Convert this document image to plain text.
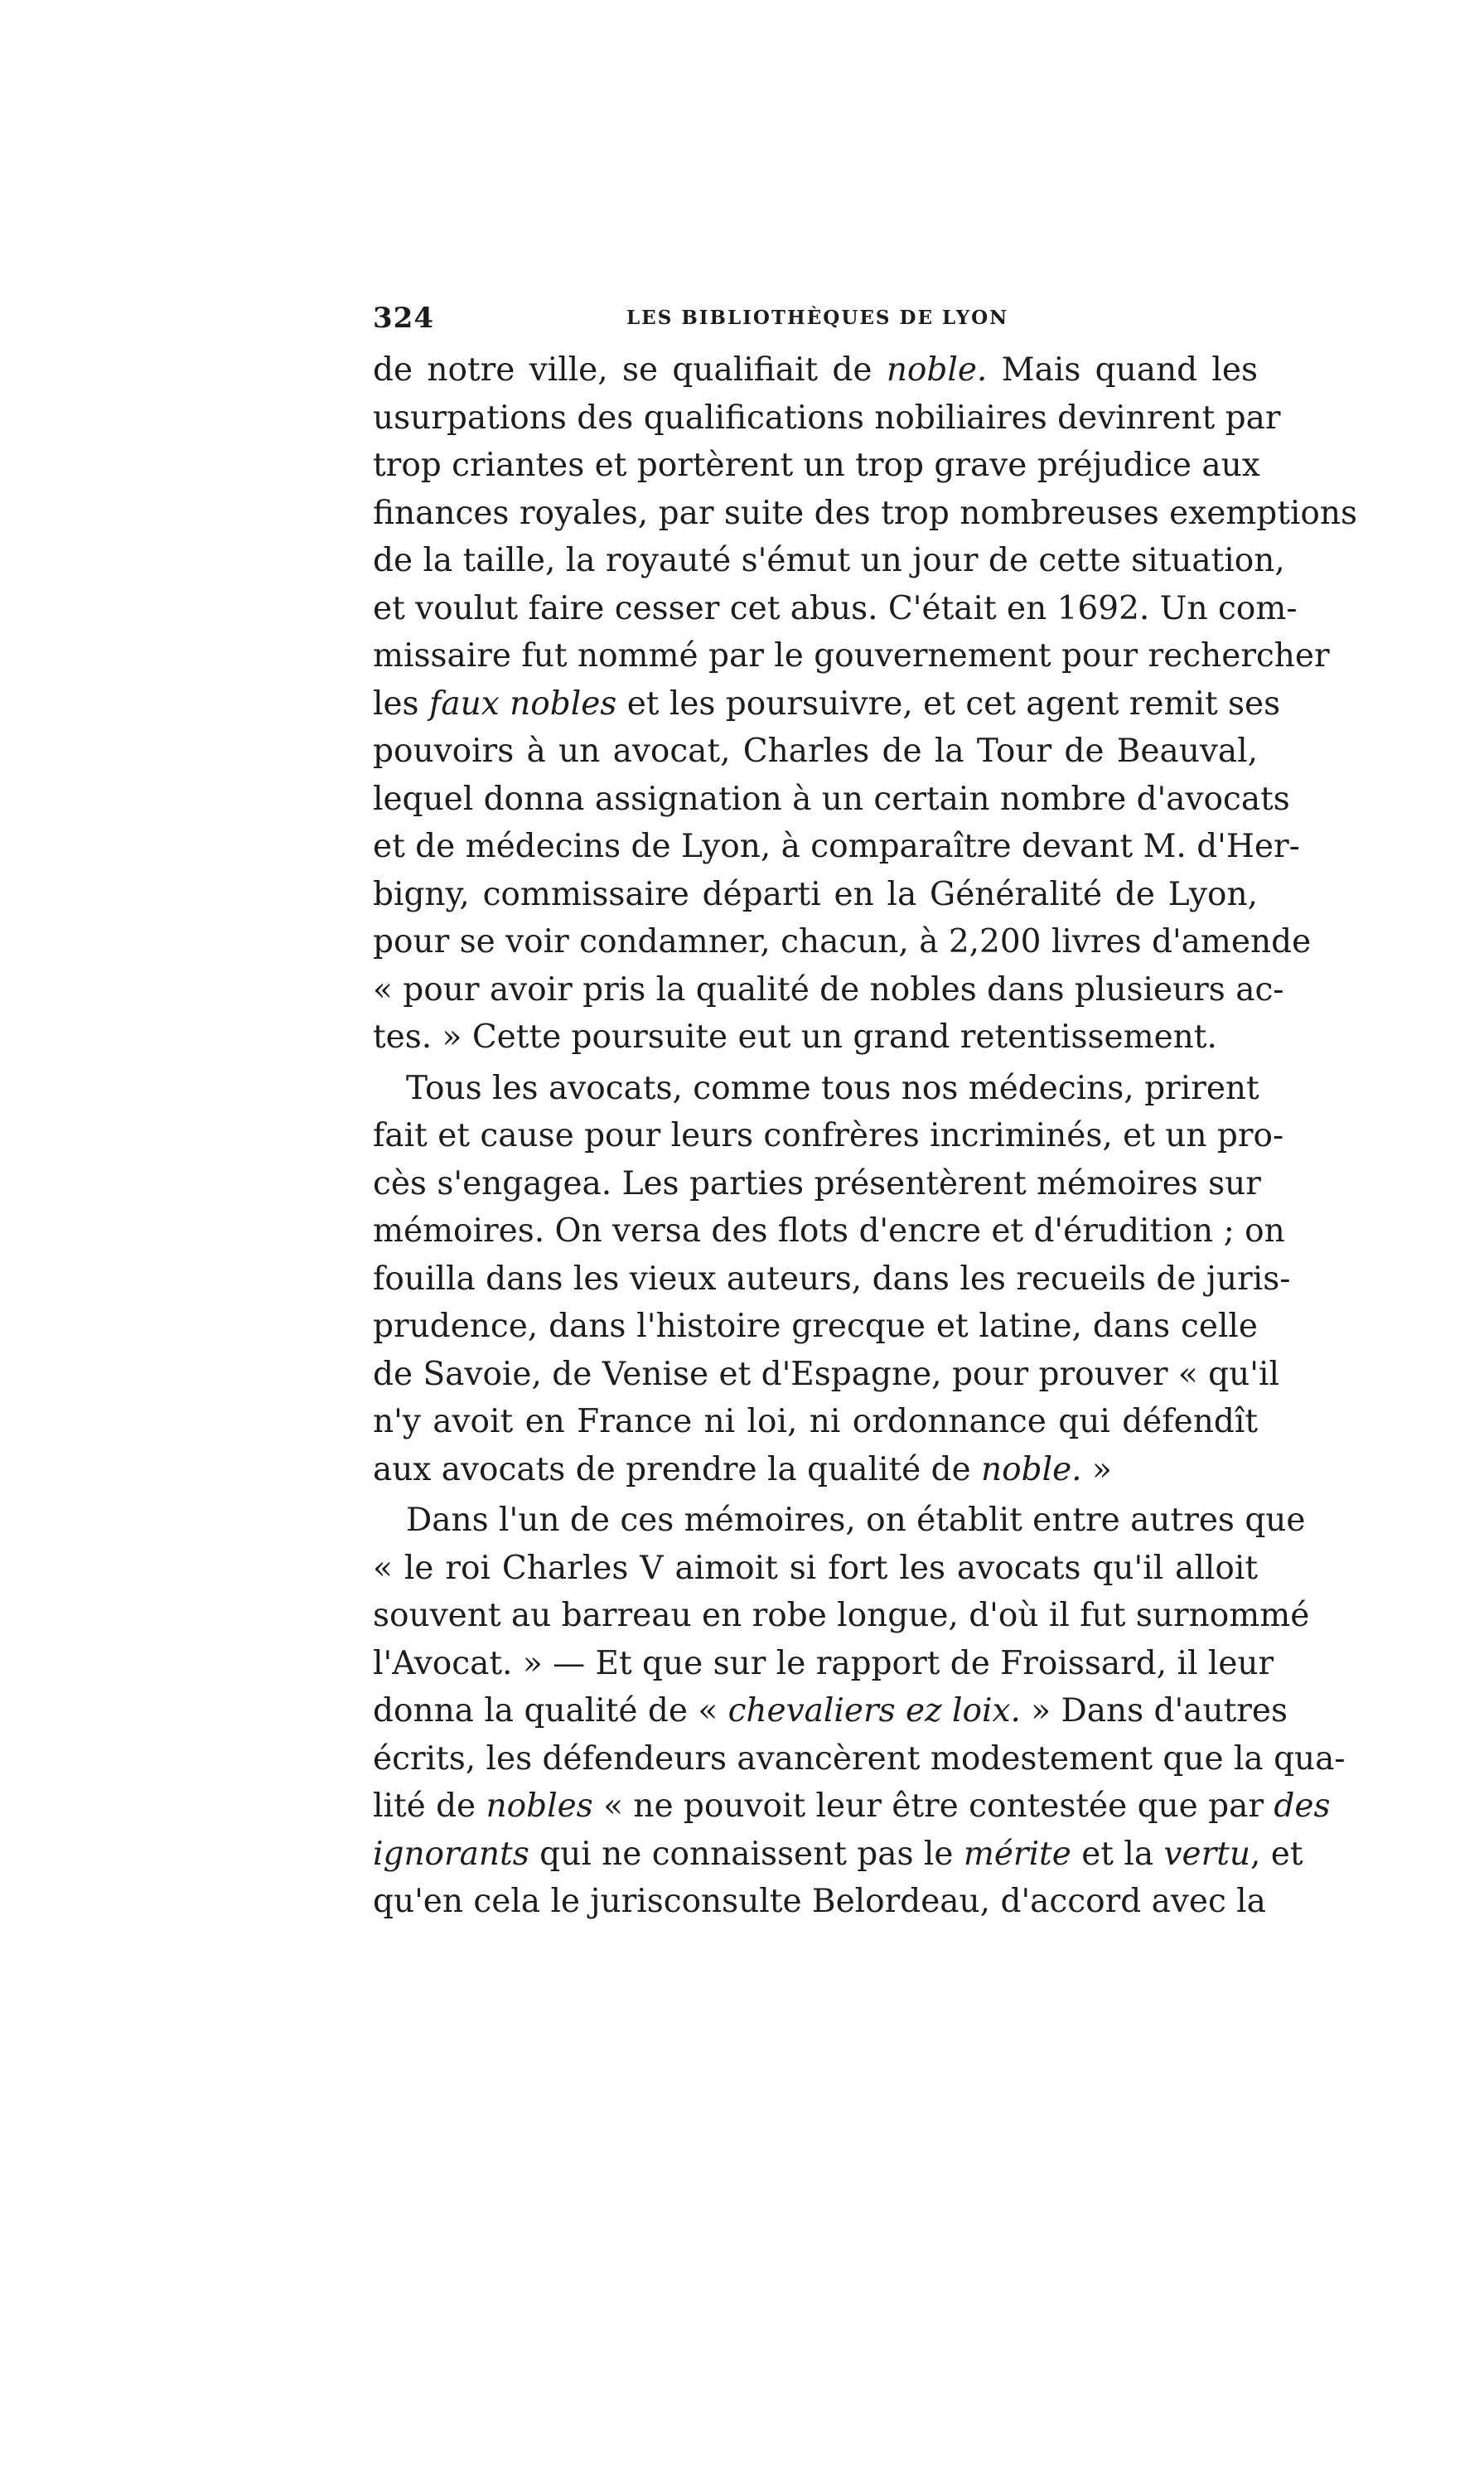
324	LES BIBLIOTHÈQUES DE LYON
de notre ville, se qualifiait de noble. Mais quand les
usurpations des qualifications nobiliaires devinrent par
trop criantes et portèrent un trop grave préjudice aux
finances royales, par suite des trop nombreuses exemptions
de la taille, la royauté s'émut un jour de cette situation,
et voulut faire cesser cet abus. C'était en 1692. Un com-
missaire fut nommé par le gouvernement pour rechercher
les faux nobles et les poursuivre, et cet agent remit ses
pouvoirs à un avocat, Charles de la Tour de Beauval,
lequel donna assignation à un certain nombre d'avocats
et de médecins de Lyon, à comparaître devant M. d'Her-
bigny, commissaire départi en la Généralité de Lyon,
pour se voir condamner, chacun, à 2,200 livres d'amende
« pour avoir pris la qualité de nobles dans plusieurs ac-
tes. » Cette poursuite eut un grand retentissement.
Tous les avocats, comme tous nos médecins, prirent
fait et cause pour leurs confrères incriminés, et un pro-
cès s'engagea. Les parties présentèrent mémoires sur
mémoires. On versa des flots d'encre et d'érudition ; on
fouilla dans les vieux auteurs, dans les recueils de juris-
prudence, dans l'histoire grecque et latine, dans celle
de Savoie, de Venise et d'Espagne, pour prouver « qu'il
n'y avoit en France ni loi, ni ordonnance qui défendît
aux avocats de prendre la qualité de noble. »
Dans l'un de ces mémoires, on établit entre autres que
« le roi Charles V aimoit si fort les avocats qu'il alloit
souvent au barreau en robe longue, d'où il fut surnommé
l'Avocat. » — Et que sur le rapport de Froissard, il leur
donna la qualité de « chevaliers ez loix. » Dans d'autres
écrits, les défendeurs avancèrent modestement que la qua-
lité de nobles « ne pouvoit leur être contestée que par des
ignorants qui ne connaissent pas le mérite et la vertu, et
qu'en cela le jurisconsulte Belordeau, d'accord avec la
